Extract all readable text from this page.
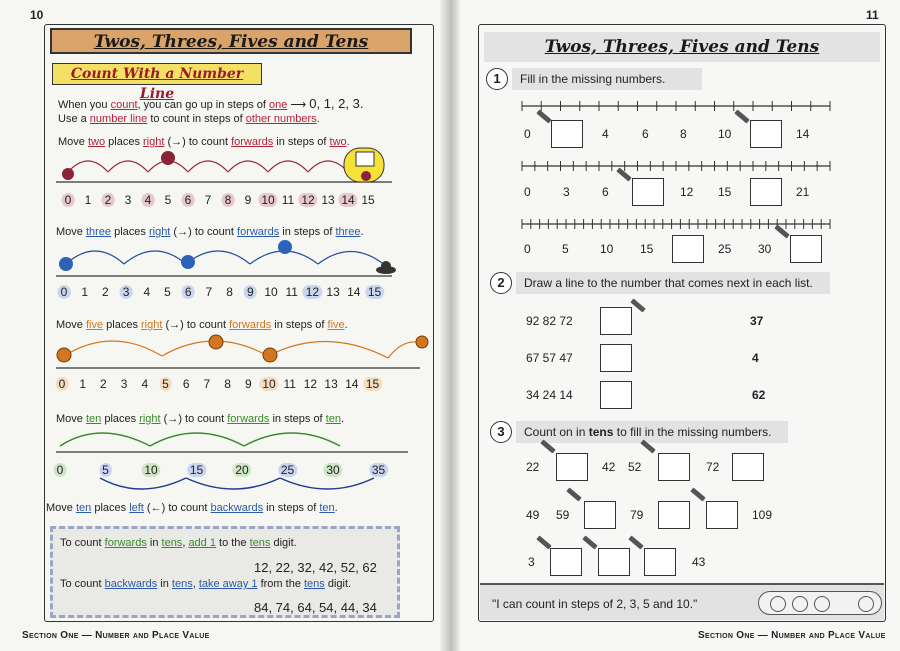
10
Twos, Threes, Fives and Tens
Count With a Number Line
When you count, you can go up in steps of one ⟶ 0, 1, 2, 3.
Use a number line to count in steps of other numbers.
Move two places right (→) to count forwards in steps of two.
Move three places right (→) to count forwards in steps of three.
Move five places right (→) to count forwards in steps of five.
Move ten places right (→) to count forwards in steps of ten.
Move ten places left (←) to count backwards in steps of ten.
To count forwards in tens, add 1 to the tens digit.
12, 22, 32, 42, 52, 62
To count backwards in tens, take away 1 from the tens digit.
84, 74, 64, 54, 44, 34
Section One — Number and Place Value
11
Twos, Threes, Fives and Tens
1	Fill in the missing numbers.
0	4	6	8	10	14
0	3	6	12 15	21
0	5	10 15	25 30
2	Draw a line to the number that comes next in each list.
92 82 72	37
67 57 47	4
34 24 14	62
3	Count on in tens to fill in the missing numbers.
22	42 52	72
49 59	79	109
3	43
"I can count in steps of 2, 3, 5 and 10."
Section One — Number and Place Value
0 1 2 3 4 5 6 7 8 9 10 11 12 13 14 15
0 1 2 3 4 5 6 7 8 9 10 11 12 13 14 15
0 1 2 3 4 5 6 7 8 9 10 11 12 13 14 15
0	5	10	15	20	25	30	35
